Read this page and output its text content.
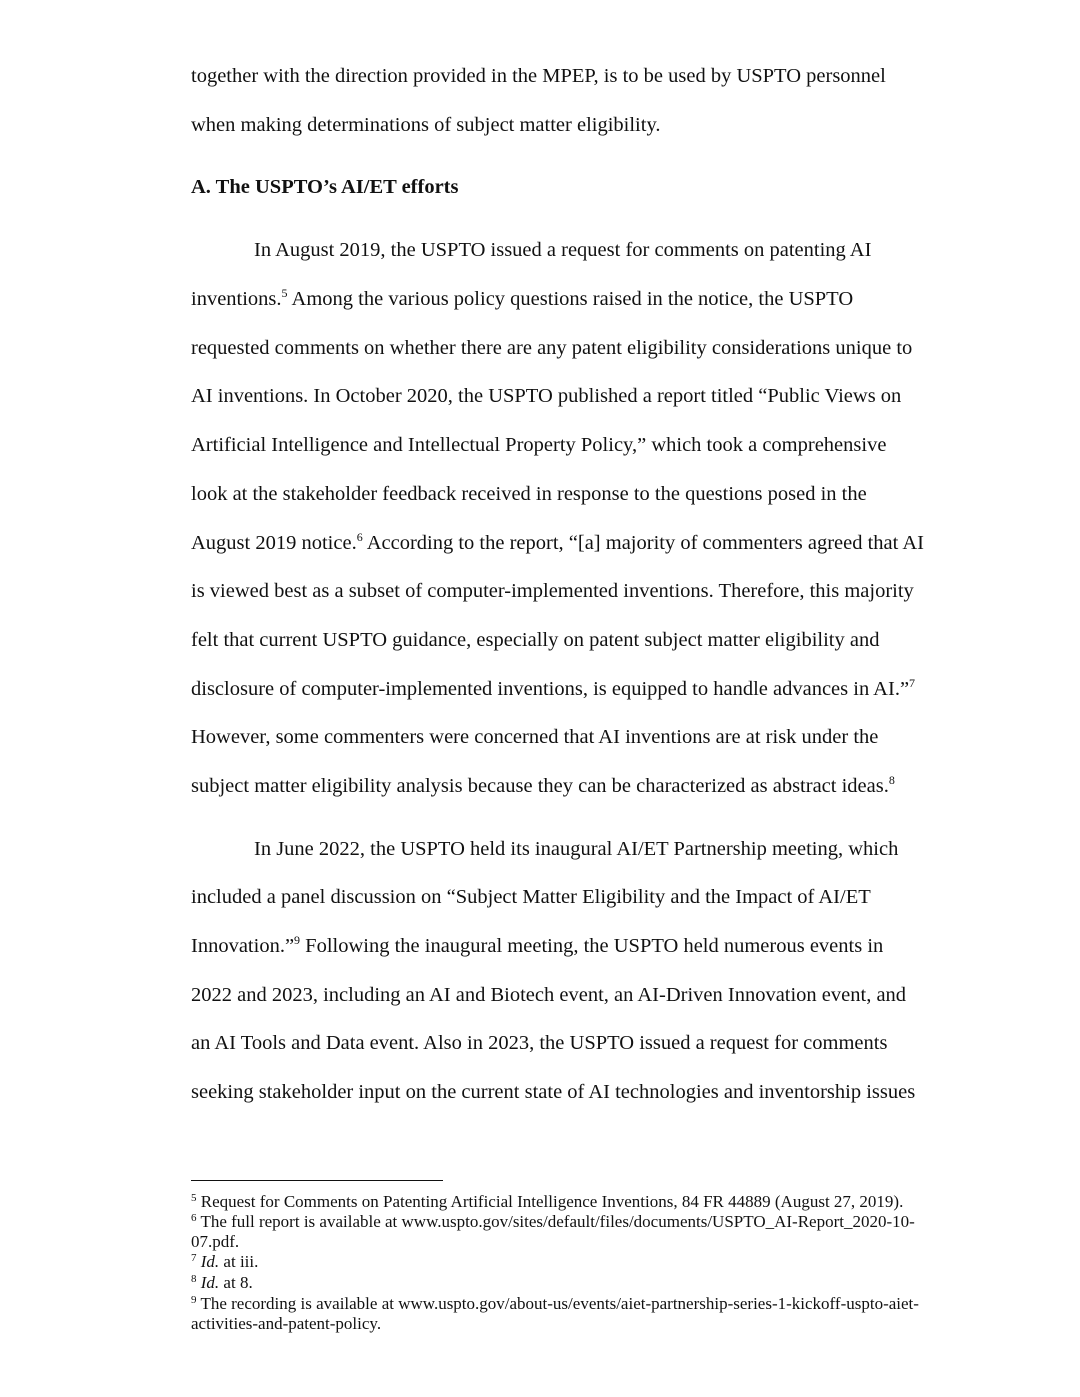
together with the direction provided in the MPEP, is to be used by USPTO personnel
when making determinations of subject matter eligibility.
A. The USPTO’s AI/ET efforts
In August 2019, the USPTO issued a request for comments on patenting AI
inventions.$^5$ Among the various policy questions raised in the notice, the USPTO
requested comments on whether there are any patent eligibility considerations unique to
AI inventions. In October 2020, the USPTO published a report titled “Public Views on
Artificial Intelligence and Intellectual Property Policy,” which took a comprehensive
look at the stakeholder feedback received in response to the questions posed in the
August 2019 notice.$^6$ According to the report, “[a] majority of commenters agreed that AI
is viewed best as a subset of computer-implemented inventions. Therefore, this majority
felt that current USPTO guidance, especially on patent subject matter eligibility and
disclosure of computer-implemented inventions, is equipped to handle advances in AI.”$^7$
However, some commenters were concerned that AI inventions are at risk under the
subject matter eligibility analysis because they can be characterized as abstract ideas.$^8$
In June 2022, the USPTO held its inaugural AI/ET Partnership meeting, which
included a panel discussion on “Subject Matter Eligibility and the Impact of AI/ET
Innovation.”$^9$ Following the inaugural meeting, the USPTO held numerous events in
2022 and 2023, including an AI and Biotech event, an AI-Driven Innovation event, and
an AI Tools and Data event. Also in 2023, the USPTO issued a request for comments
seeking stakeholder input on the current state of AI technologies and inventorship issues
$^5$ Request for Comments on Patenting Artificial Intelligence Inventions, 84 FR 44889 (August 27, 2019).
$^6$ The full report is available at www.uspto.gov/sites/default/files/documents/USPTO_AI-Report_2020-10-
07.pdf.
$^7$ Id. at iii.
$^8$ Id. at 8.
$^9$ The recording is available at www.uspto.gov/about-us/events/aiet-partnership-series-1-kickoff-uspto-aiet-
activities-and-patent-policy.
